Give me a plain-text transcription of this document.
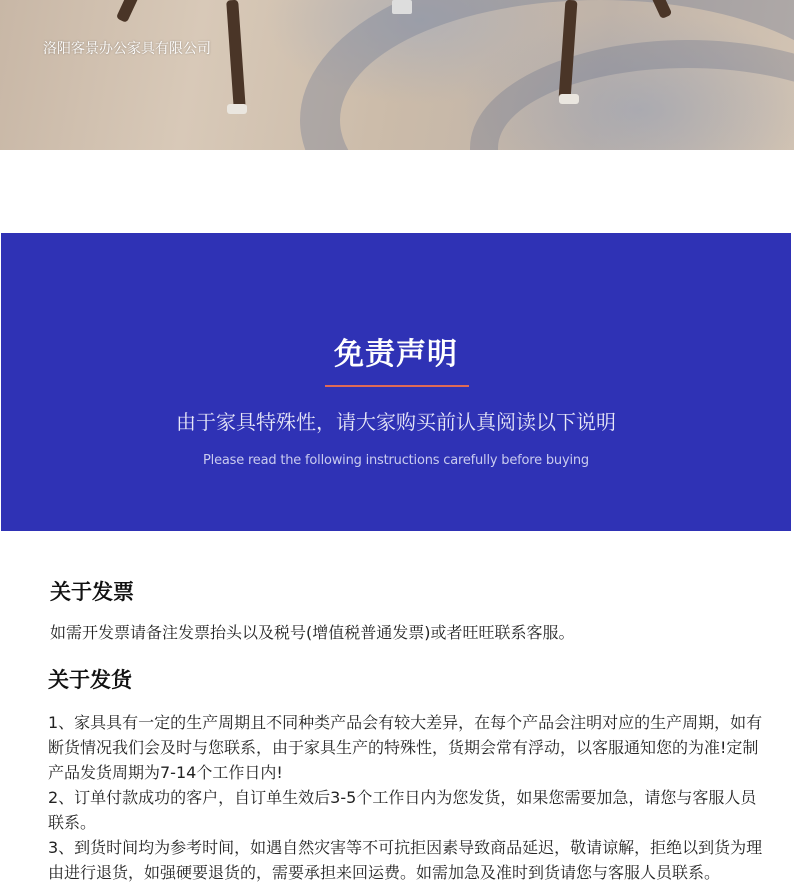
洛阳客景办公家具有限公司
免责声明
由于家具特殊性，请大家购买前认真阅读以下说明
Please read the following instructions carefully before buying
关于发票

如需开发票请备注发票抬头以及税号(增值税普通发票)或者旺旺联系客服。

关于发货

1、家具具有一定的生产周期且不同种类产品会有较大差异，在每个产品会注明对应的生产周期，如有断货情况我们会及时与您联系，由于家具生产的特殊性，货期会常有浮动，以客服通知您的为准!定制产品发货周期为7-14个工作日内!

2、订单付款成功的客户，自订单生效后3-5个工作日内为您发货，如果您需要加急，请您与客服人员联系。

3、到货时间均为参考时间，如遇自然灾害等不可抗拒因素导致商品延迟，敬请谅解，拒绝以到货为理由进行退货，如强硬要退货的，需要承担来回运费。如需加急及准时到货请您与客服人员联系。
